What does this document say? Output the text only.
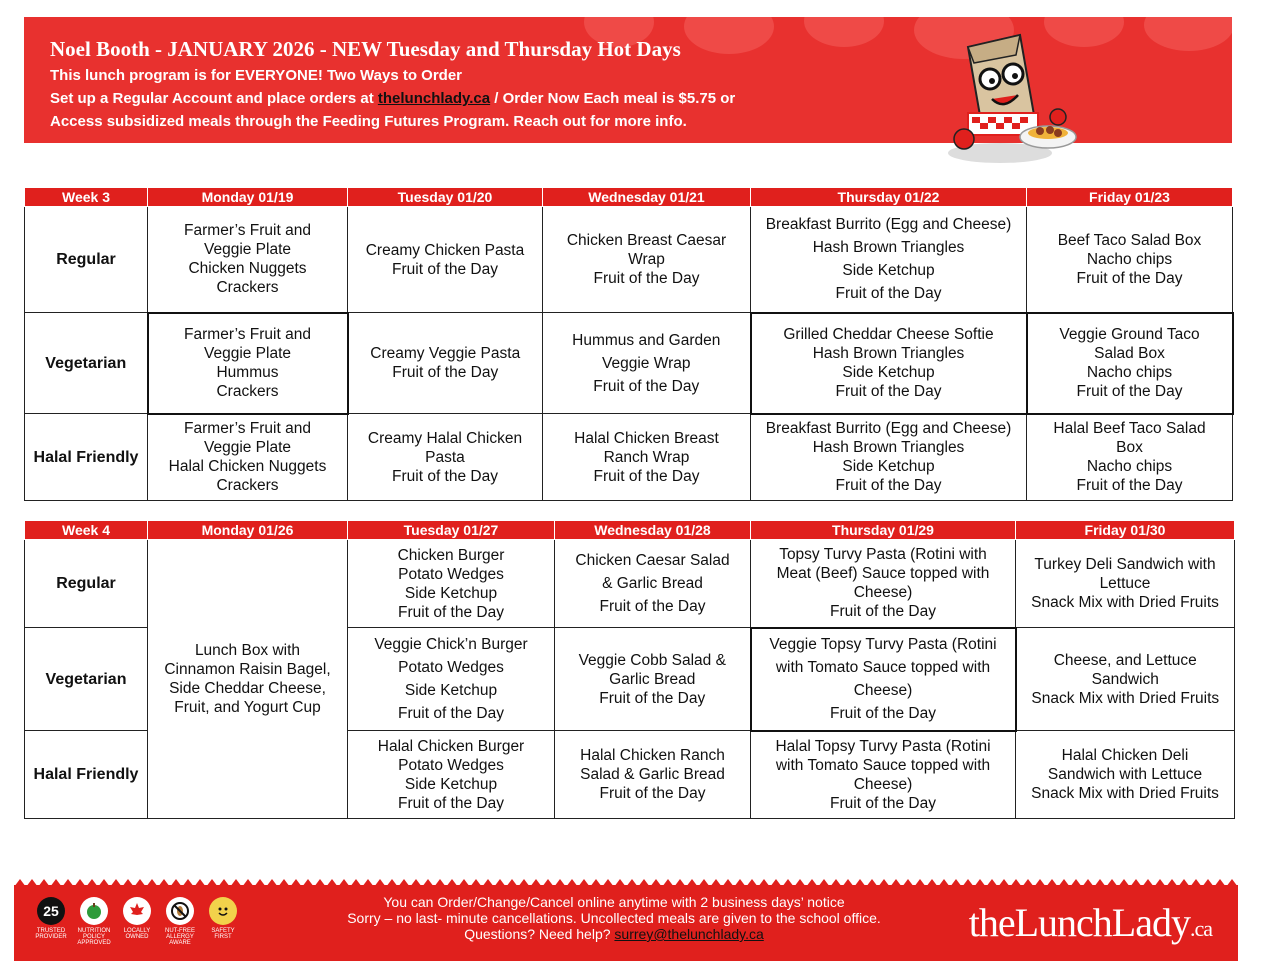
Noel Booth - JANUARY 2026 - NEW Tuesday and Thursday Hot Days
This lunch program is for EVERYONE! Two Ways to Order
Set up a Regular Account and place orders at thelunchlady.ca / Order Now Each meal is $5.75 or
Access subsidized meals through the Feeding Futures Program. Reach out for more info.
Week 3	Monday 01/19	Tuesday 01/20	Wednesday 01/21	Thursday 01/22	Friday 01/23
Regular	Farmer’s Fruit and
Veggie Plate
Chicken Nuggets
Crackers	Creamy Chicken Pasta
Fruit of the Day	Chicken Breast Caesar
Wrap
Fruit of the Day	Breakfast Burrito (Egg and Cheese)
Hash Brown Triangles
Side Ketchup
Fruit of the Day	Beef Taco Salad Box
Nacho chips
Fruit of the Day

Vegetarian	Farmer’s Fruit and
Veggie Plate
Hummus
Crackers	Creamy Veggie Pasta
Fruit of the Day	Hummus and Garden
Veggie Wrap
Fruit of the Day	Grilled Cheddar Cheese Softie
Hash Brown Triangles
Side Ketchup
Fruit of the Day	Veggie Ground Taco
Salad Box
Nacho chips
Fruit of the Day

Halal Friendly	Farmer’s Fruit and
Veggie Plate
Halal Chicken Nuggets
Crackers	Creamy Halal Chicken
Pasta
Fruit of the Day	Halal Chicken Breast
Ranch Wrap
Fruit of the Day	Breakfast Burrito (Egg and Cheese)
Hash Brown Triangles
Side Ketchup
Fruit of the Day	Halal Beef Taco Salad
Box
Nacho chips
Fruit of the Day
Week 4	Monday 01/26	Tuesday 01/27	Wednesday 01/28	Thursday 01/29	Friday 01/30
Regular	Lunch Box with
Cinnamon Raisin Bagel,
Side Cheddar Cheese,
Fruit, and Yogurt Cup	Chicken Burger
Potato Wedges
Side Ketchup
Fruit of the Day	Chicken Caesar Salad
& Garlic Bread
Fruit of the Day	Topsy Turvy Pasta (Rotini with
Meat (Beef) Sauce topped with
Cheese)
Fruit of the Day	Turkey Deli Sandwich with
Lettuce
Snack Mix with Dried Fruits

Vegetarian		Veggie Chick’n Burger
Potato Wedges
Side Ketchup
Fruit of the Day	Veggie Cobb Salad &
Garlic Bread
Fruit of the Day	Veggie Topsy Turvy Pasta (Rotini
with Tomato Sauce topped with
Cheese)
Fruit of the Day	Cheese, and Lettuce
Sandwich
Snack Mix with Dried Fruits

Halal Friendly		Halal Chicken Burger
Potato Wedges
Side Ketchup
Fruit of the Day	Halal Chicken Ranch
Salad & Garlic Bread
Fruit of the Day	Halal Topsy Turvy Pasta (Rotini
with Tomato Sauce topped with
Cheese)
Fruit of the Day	Halal Chicken Deli
Sandwich with Lettuce
Snack Mix with Dried Fruits
25
TRUSTED PROVIDER
NUTRITION POLICY APPROVED
LOCALLY OWNED
NUT-FREE ALLERGY AWARE
SAFETY FIRST
You can Order/Change/Cancel online anytime with 2 business days’ notice
Sorry – no last- minute cancellations. Uncollected meals are given to the school office.
Questions? Need help? surrey@thelunchlady.ca	theLunchLady.ca
